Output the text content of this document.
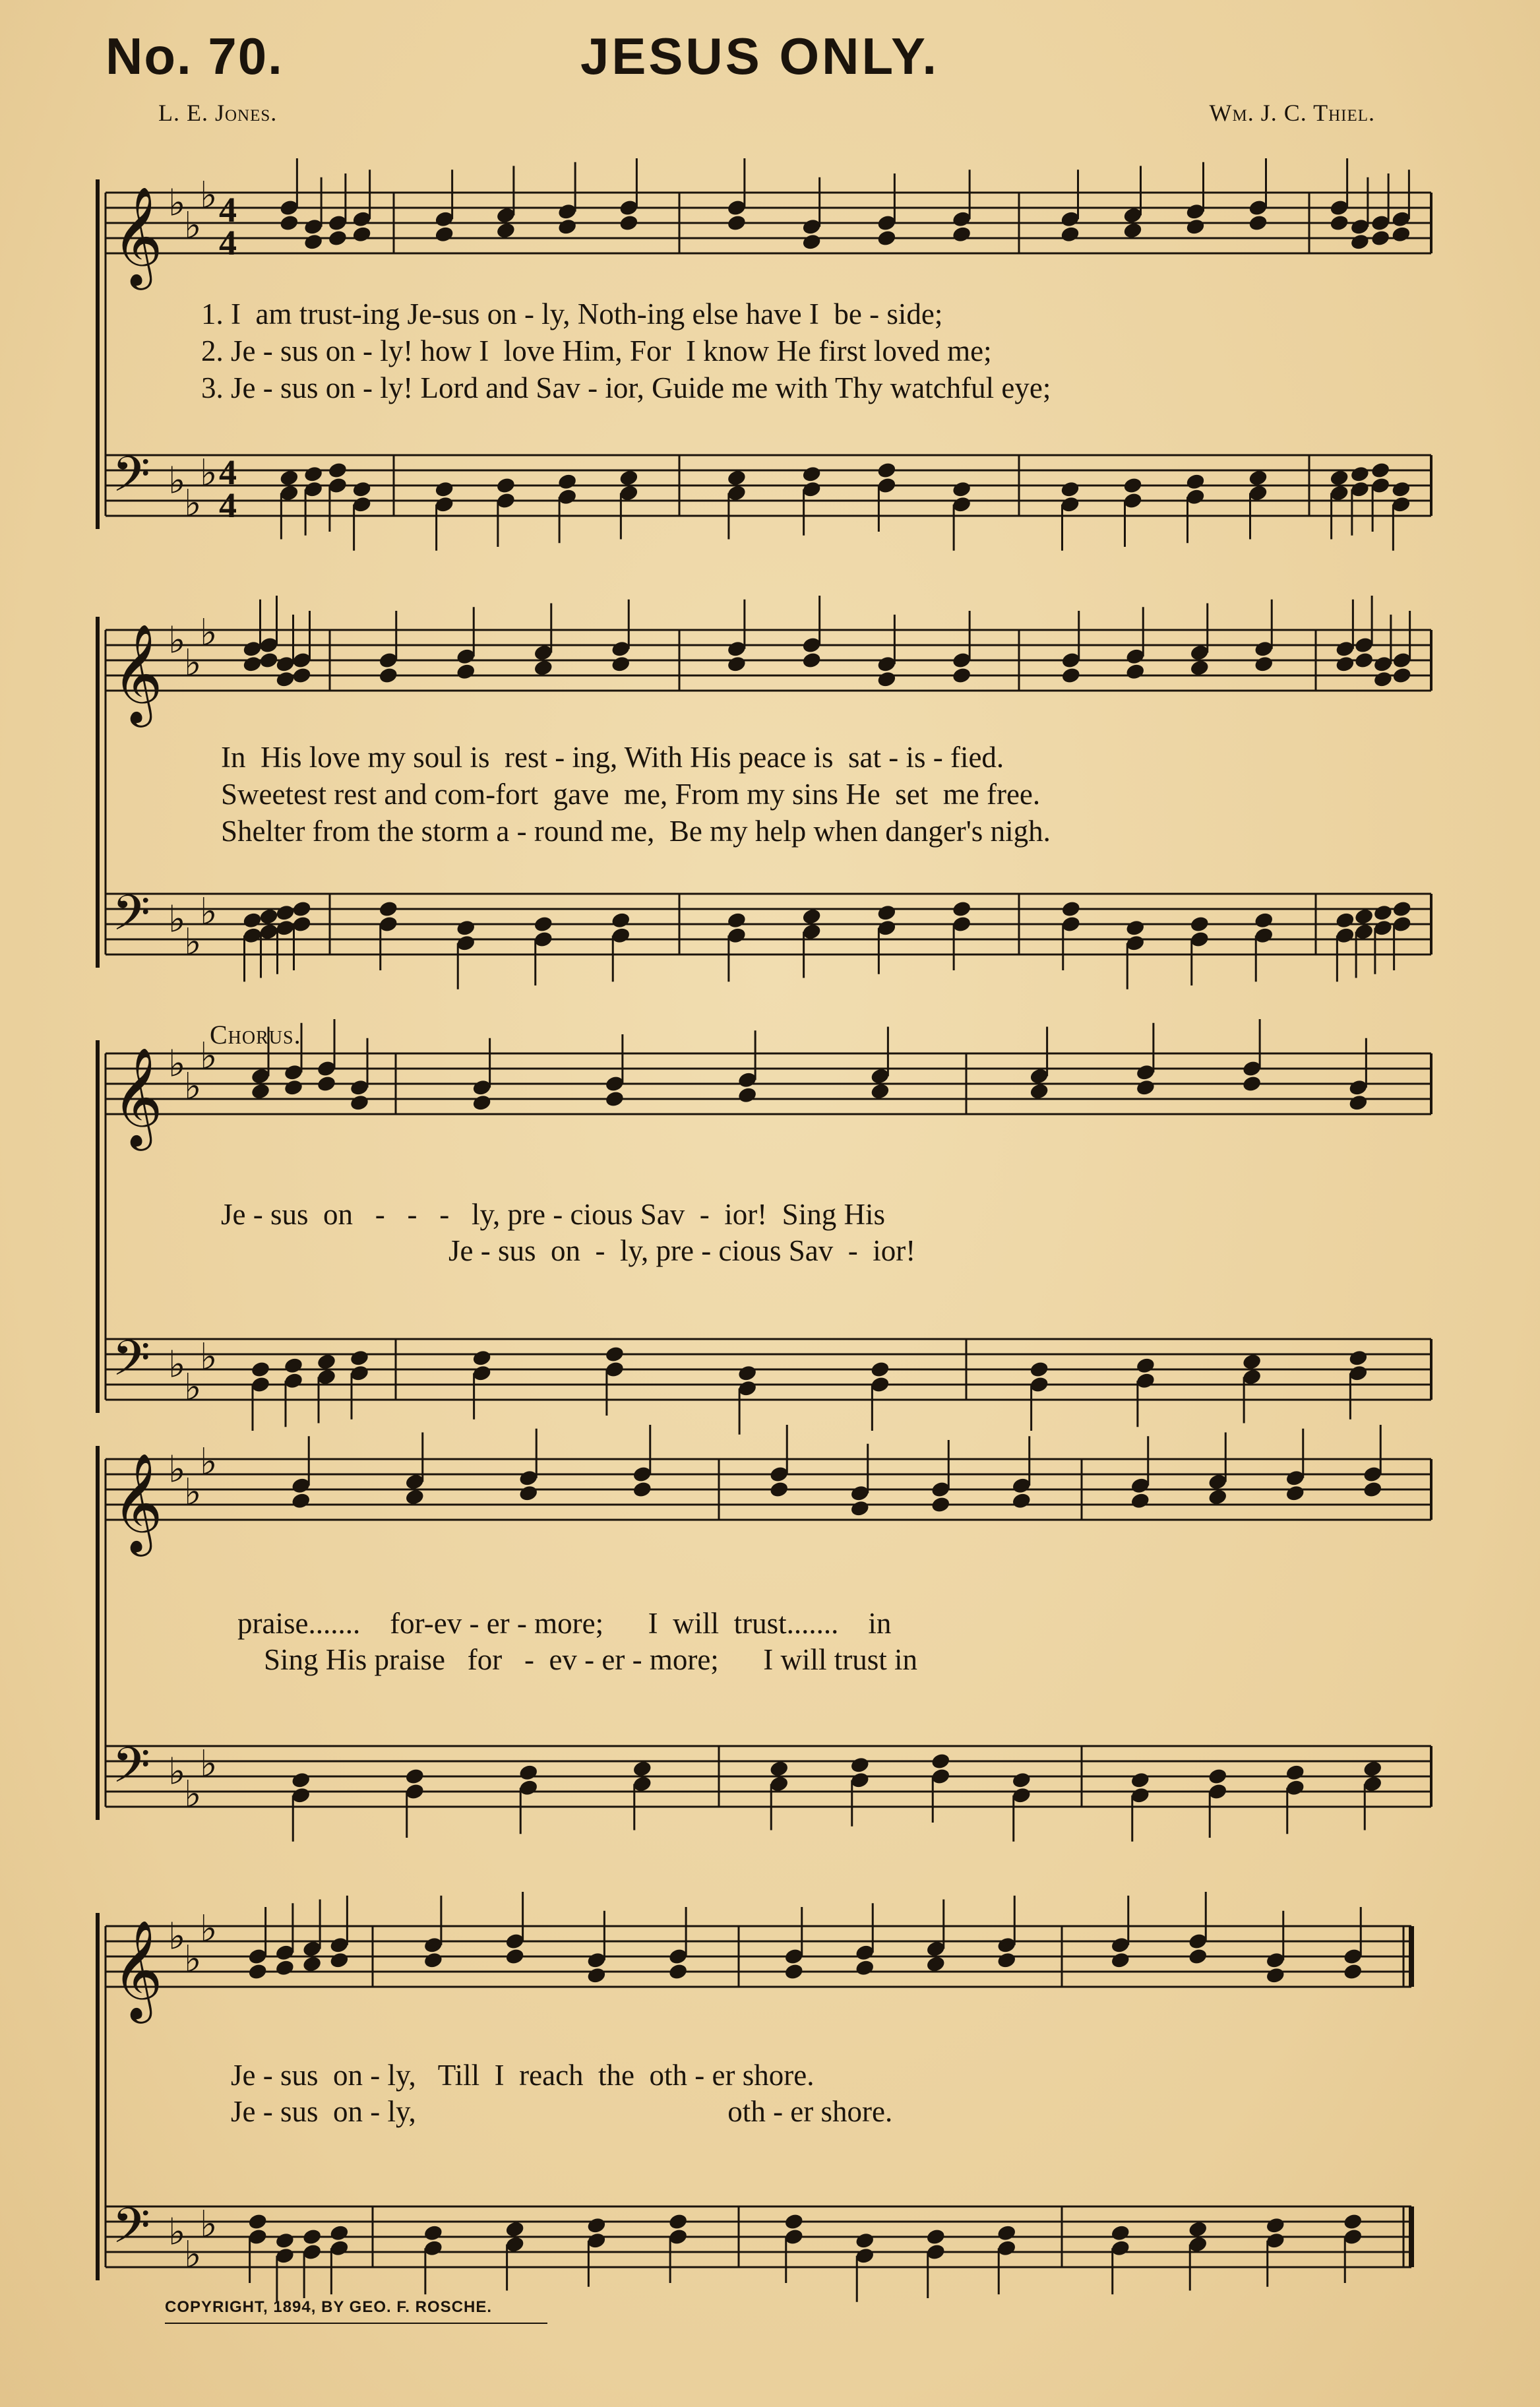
No. 70.	JESUS ONLY.
L. E. Jones.	Wm. J. C. Thiel.
𝄞 ♭
♭
♭ 4
4
𝄢 ♭
♭
♭ 4
4
𝄞 ♭
♭
♭
𝄢 ♭
♭
♭
𝄞 ♭
♭
♭
𝄢 ♭
♭
♭
𝄞 ♭
♭
♭
𝄢 ♭
♭
♭
𝄞 ♭
♭
♭
𝄢 ♭
♭
♭
1. I  am trust-ing Je-sus on - ly, Noth-ing else have I  be - side;
2. Je - sus on - ly! how I  love Him, For  I know He first loved me;
3. Je - sus on - ly! Lord and Sav - ior, Guide me with Thy watchful eye;
In  His love my soul is  rest - ing, With His peace is  sat - is - fied.
Sweetest rest and com-fort  gave  me, From my sins He  set  me free.
Shelter from the storm a - round me,  Be my help when danger's nigh.
Chorus.
Je - sus  on   -   -   -   ly, pre - cious Sav  -  ior!  Sing His
Je - sus  on  -  ly, pre - cious Sav  -  ior!
praise.......    for-ev - er - more;      I  will  trust.......    in
Sing His praise   for   -  ev - er - more;      I will trust in
Je - sus  on - ly,   Till  I  reach  the  oth - er shore.
Je - sus  on - ly,                                          oth - er shore.
COPYRIGHT, 1894, BY GEO. F. ROSCHE.
